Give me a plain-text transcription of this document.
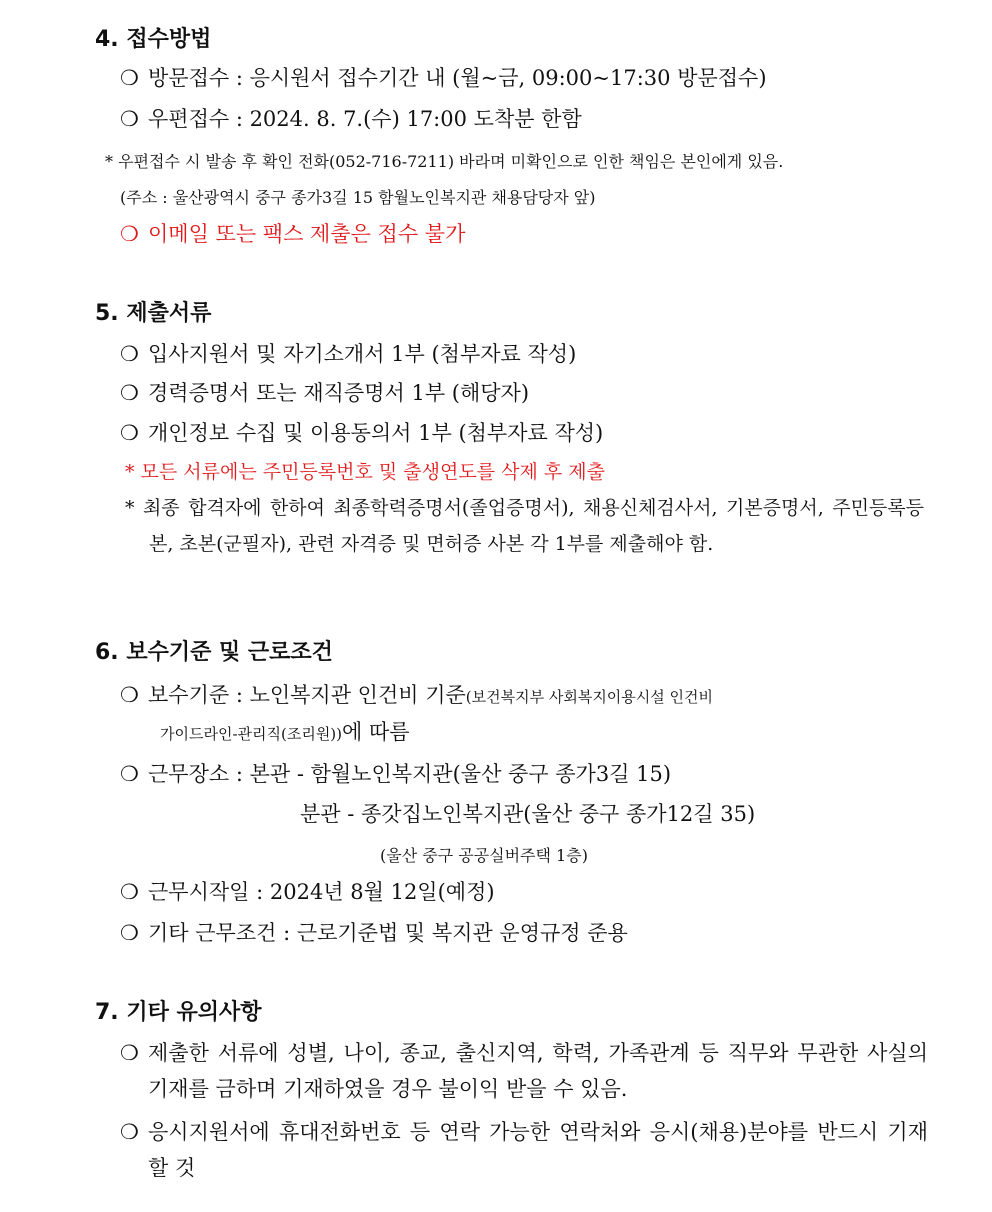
4. 접수방법
❍ 방문접수 : 응시원서 접수기간 내 (월~금, 09:00~17:30 방문접수)
❍ 우편접수 : 2024. 8. 7.(수) 17:00 도착분 한함
* 우편접수 시 발송 후 확인 전화(052-716-7211) 바라며 미확인으로 인한 책임은 본인에게 있음.
(주소 : 울산광역시 중구 종가3길 15 함월노인복지관 채용담당자 앞)
❍ 이메일 또는 팩스 제출은 접수 불가
5. 제출서류
❍ 입사지원서 및 자기소개서 1부 (첨부자료 작성)
❍ 경력증명서 또는 재직증명서 1부 (해당자)
❍ 개인정보 수집 및 이용동의서 1부 (첨부자료 작성)
* 모든 서류에는 주민등록번호 및 출생연도를 삭제 후 제출
* 최종 합격자에 한하여 최종학력증명서(졸업증명서), 채용신체검사서, 기본증명서, 주민등록등본, 초본(군필자), 관련 자격증 및 면허증 사본 각 1부를 제출해야 함.
6. 보수기준 및 근로조건
❍ 보수기준 : 노인복지관 인건비 기준(보건복지부 사회복지이용시설 인건비
가이드라인-관리직(조리원))에 따름
❍ 근무장소 : 본관 - 함월노인복지관(울산 중구 종가3길 15)
분관 - 종갓집노인복지관(울산 중구 종가12길 35)
(울산 중구 공공실버주택 1층)
❍ 근무시작일 : 2024년 8월 12일(예정)
❍ 기타 근무조건 : 근로기준법 및 복지관 운영규정 준용
7. 기타 유의사항
❍ 제출한 서류에 성별, 나이, 종교, 출신지역, 학력, 가족관계 등 직무와 무관한 사실의 기재를 금하며 기재하였을 경우 불이익 받을 수 있음.
❍ 응시지원서에 휴대전화번호 등 연락 가능한 연락처와 응시(채용)분야를 반드시 기재 할 것
